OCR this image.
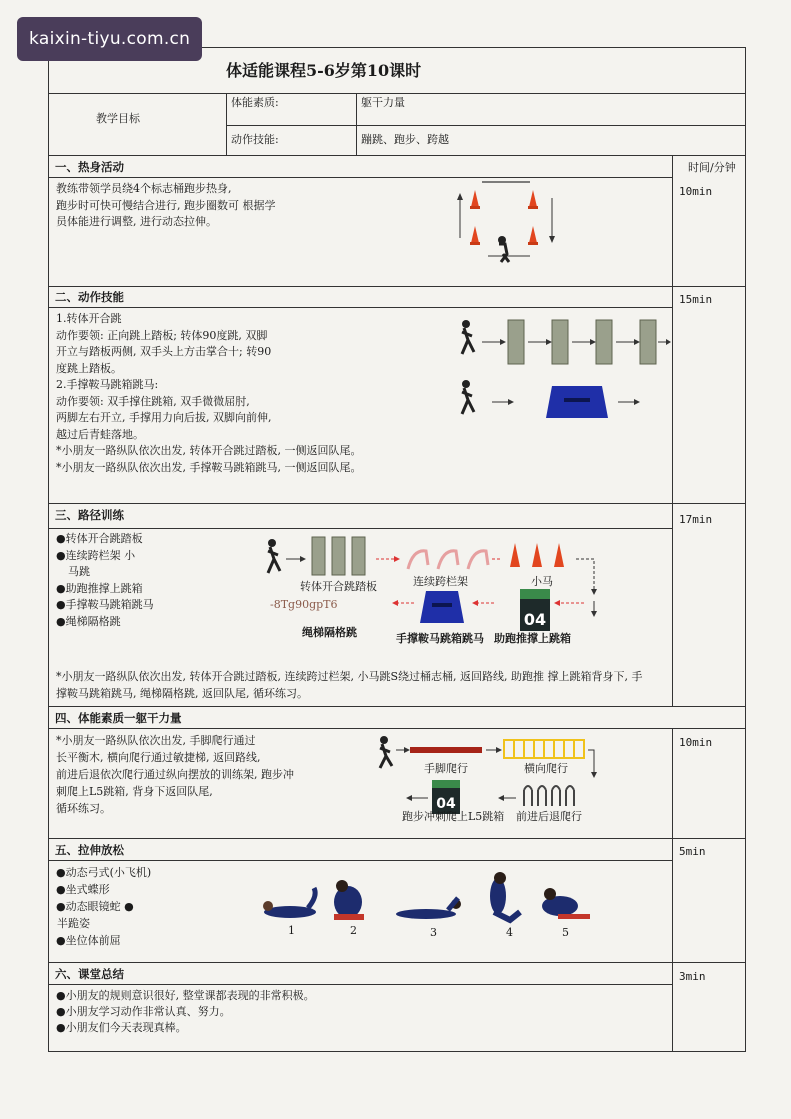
kaixin-tiyu.com.cn
体适能课程5-6岁第10课时
教学目标
体能素质:	躯干力量
动作技能:	蹦跳、跑步、跨越
时间/分钟
一、热身活动
10min
教练带领学员绕4个标志桶跑步热身,
跑步时可快可慢结合进行, 跑步圈数可 根据学
员体能进行调整, 进行动态拉伸。
二、动作技能	15min
1.转体开合跳
动作要领: 正向跳上踏板; 转体90度跳, 双脚
开立与踏板两侧, 双手头上方击掌合十; 转90
度跳上踏板。
2.手撑鞍马跳箱跳马:
动作要领: 双手撑住跳箱, 双手微微屈肘,
两脚左右开立, 手撑用力向后拔, 双脚向前伸,
越过后青蛙落地。
*小朋友一路纵队依次出发, 转体开合跳过踏板, 一侧返回队尾。
*小朋友一路纵队依次出发, 手撑鞍马跳箱跳马, 一侧返回队尾。
三、路径训练	17min
●转体开合跳踏板
●连续跨栏架 小
马跳
●助跑推撑上跳箱
●手撑鞍马跳箱跳马
●绳梯隔格跳	04
转体开合跳踏板	连续跨栏架	小马
-8Tg90gpT6
绳梯隔格跳	手撑鞍马跳箱跳马 助跑推撑上跳箱
*小朋友一路纵队依次出发, 转体开合跳过踏板, 连续跨过栏架, 小马跳S绕过桶志桶, 返回路线, 助跑推 撑上跳箱背身下, 手
撑鞍马跳箱跳马, 绳梯隔格跳, 返回队尾, 循环练习。
四、体能素质一躯干力量
10min
*小朋友一路纵队依次出发, 手脚爬行通过
长平衡木, 横向爬行通过敏捷梯, 返回路线,
前进后退依次爬行通过纵向摆放的训练架, 跑步冲
刺爬上L5跳箱, 背身下返回队尾,
循环练习。	04
手脚爬行	横向爬行
跑步冲刺爬上L5跳箱 前进后退爬行
五、拉伸放松	5min
●动态弓式(小飞机)
●坐式蝶形
●动态眼镜蛇 ●
半跪姿
●坐位体前屈
1	2	3	4	5
六、课堂总结	3min
●小朋友的规则意识很好, 整堂课都表现的非常积极。
●小朋友学习动作非常认真、努力。
●小朋友们今天表现真棒。
